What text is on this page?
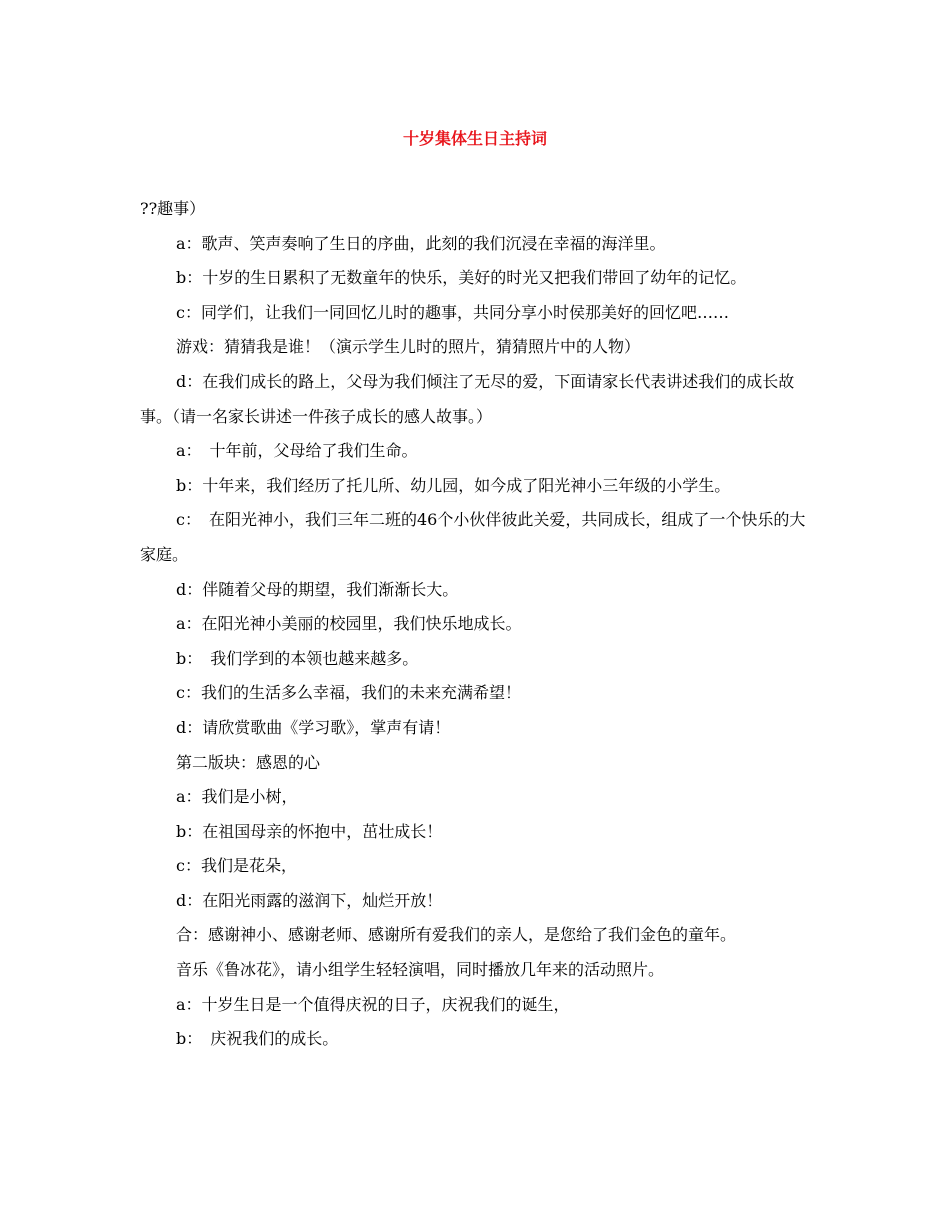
十岁集体生日主持词

??趣事）

a：歌声、笑声奏响了生日的序曲，此刻的我们沉浸在幸福的海洋里。

b：十岁的生日累积了无数童年的快乐，美好的时光又把我们带回了幼年的记忆。

c：同学们，让我们一同回忆儿时的趣事，共同分享小时侯那美好的回忆吧……

游戏：猜猜我是谁！（演示学生儿时的照片，猜猜照片中的人物）

d：在我们成长的路上，父母为我们倾注了无尽的爱，下面请家长代表讲述我们的成长故事。（请一名家长讲述一件孩子成长的感人故事。）

a：　十年前，父母给了我们生命。

b：十年来，我们经历了托儿所、幼儿园，如今成了阳光神小三年级的小学生。

c：　在阳光神小，我们三年二班的46个小伙伴彼此关爱，共同成长，组成了一个快乐的大家庭。

d：伴随着父母的期望，我们渐渐长大。

a：在阳光神小美丽的校园里，我们快乐地成长。

b：　我们学到的本领也越来越多。

c：我们的生活多么幸福，我们的未来充满希望！

d：请欣赏歌曲《学习歌》，掌声有请！

第二版块：感恩的心

a：我们是小树，

b：在祖国母亲的怀抱中，茁壮成长！

c：我们是花朵，

d：在阳光雨露的滋润下，灿烂开放！

合：感谢神小、感谢老师、感谢所有爱我们的亲人，是您给了我们金色的童年。

音乐《鲁冰花》，请小组学生轻轻演唱，同时播放几年来的活动照片。

a：十岁生日是一个值得庆祝的日子，庆祝我们的诞生，

b：　庆祝我们的成长。
